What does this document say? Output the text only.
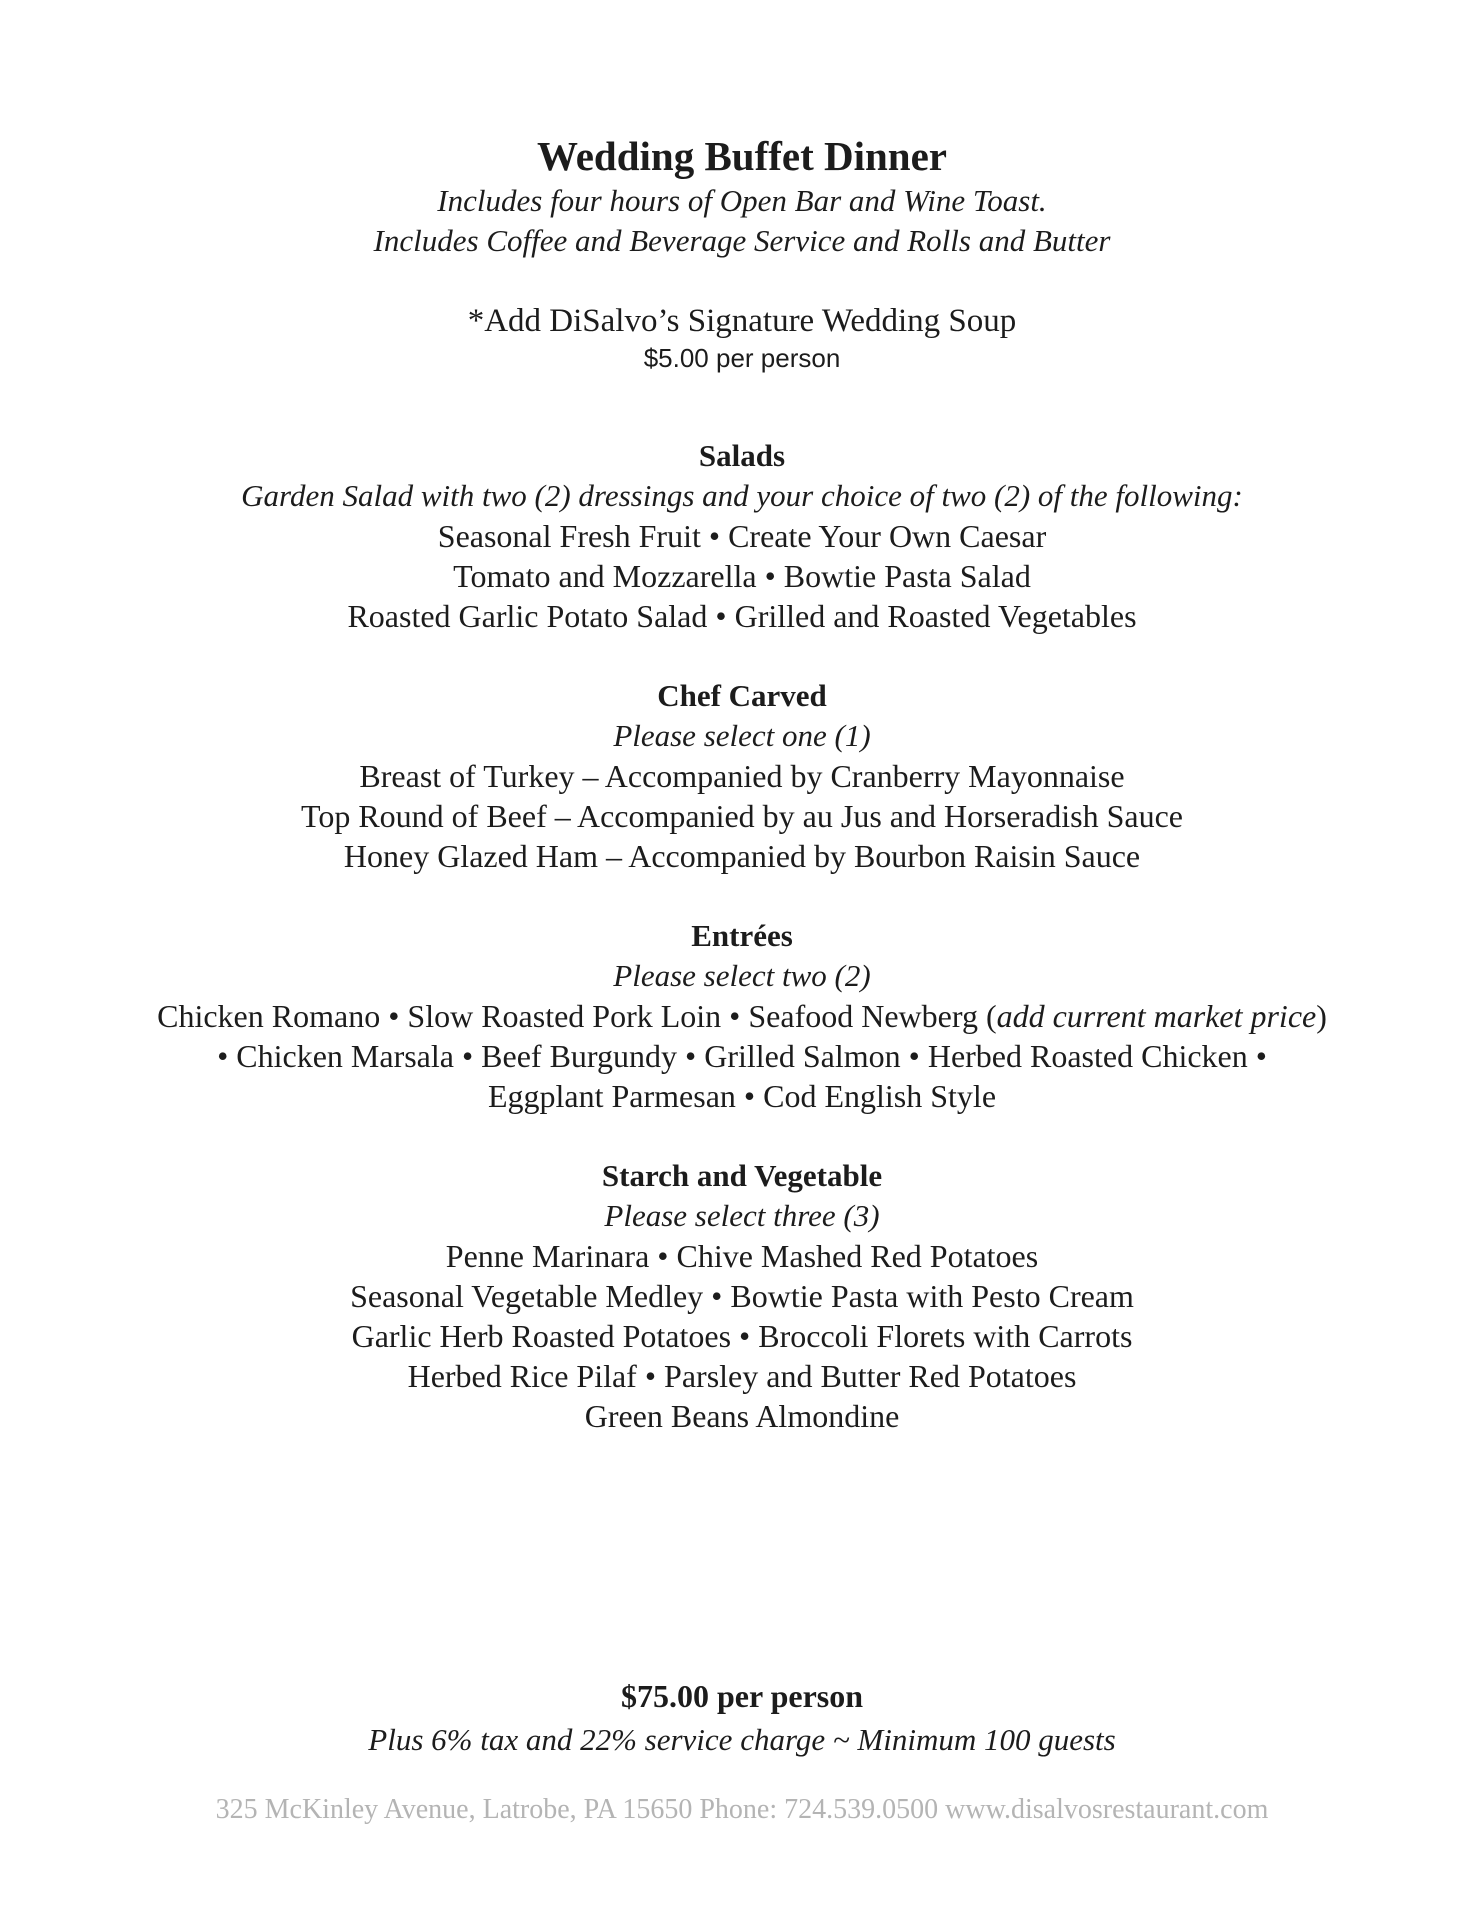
Wedding Buffet Dinner
Includes four hours of Open Bar and Wine Toast.
Includes Coffee and Beverage Service and Rolls and Butter
*Add DiSalvo’s Signature Wedding Soup
$5.00 per person
Salads
Garden Salad with two (2) dressings and your choice of two (2) of the following:
Seasonal Fresh Fruit • Create Your Own Caesar
Tomato and Mozzarella • Bowtie Pasta Salad
Roasted Garlic Potato Salad • Grilled and Roasted Vegetables
Chef Carved
Please select one (1)
Breast of Turkey – Accompanied by Cranberry Mayonnaise
Top Round of Beef – Accompanied by au Jus and Horseradish Sauce
Honey Glazed Ham – Accompanied by Bourbon Raisin Sauce
Entrées
Please select two (2)
Chicken Romano • Slow Roasted Pork Loin • Seafood Newberg (add current market price)
• Chicken Marsala • Beef Burgundy • Grilled Salmon • Herbed Roasted Chicken •
Eggplant Parmesan • Cod English Style
Starch and Vegetable
Please select three (3)
Penne Marinara • Chive Mashed Red Potatoes
Seasonal Vegetable Medley • Bowtie Pasta with Pesto Cream
Garlic Herb Roasted Potatoes • Broccoli Florets with Carrots
Herbed Rice Pilaf • Parsley and Butter Red Potatoes
Green Beans Almondine
$75.00 per person
Plus 6% tax and 22% service charge ~ Minimum 100 guests
325 McKinley Avenue, Latrobe, PA 15650 Phone: 724.539.0500 www.disalvosrestaurant.com
